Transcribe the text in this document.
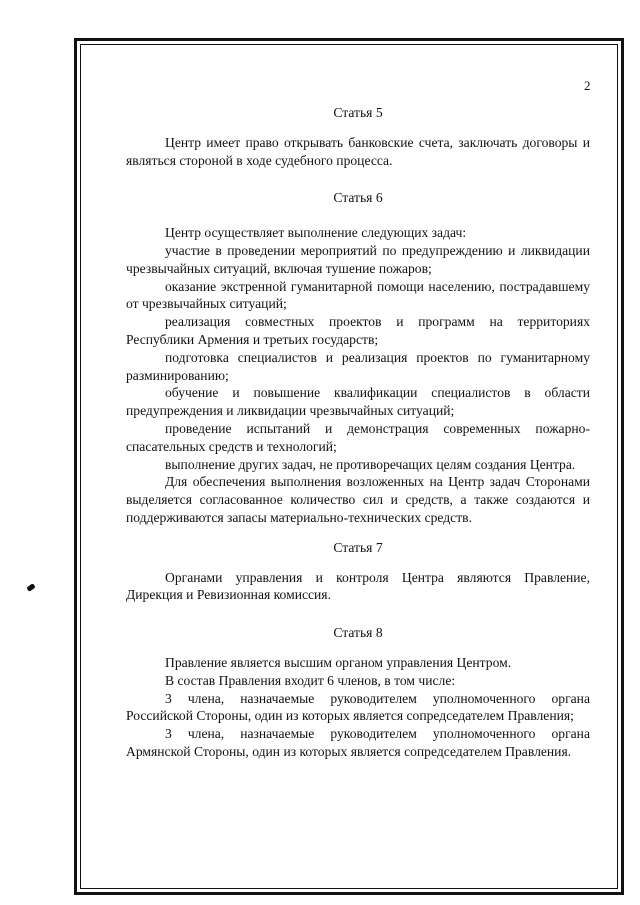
2

Статья 5

Центр имеет право открывать банковские счета, заключать договоры и являться стороной в ходе судебного процесса.

Статья 6

Центр осуществляет выполнение следующих задач:

участие в проведении мероприятий по предупреждению и ликвидации чрезвычайных ситуаций, включая тушение пожаров;

оказание экстренной гуманитарной помощи населению, пострадавшему от чрезвычайных ситуаций;

реализация совместных проектов и программ на территориях Республики Армения и третьих государств;

подготовка специалистов и реализация проектов по гуманитарному разминированию;

обучение и повышение квалификации специалистов в области предупреждения и ликвидации чрезвычайных ситуаций;

проведение испытаний и демонстрация современных пожарно-спасательных средств и технологий;

выполнение других задач, не противоречащих целям создания Центра.

Для обеспечения выполнения возложенных на Центр задач Сторонами выделяется согласованное количество сил и средств, а также создаются и поддерживаются запасы материально-технических средств.

Статья 7

Органами управления и контроля Центра являются Правление, Дирекция и Ревизионная комиссия.

Статья 8

Правление является высшим органом управления Центром.

В состав Правления входит 6 членов, в том числе:

3 члена, назначаемые руководителем уполномоченного органа Российской Стороны, один из которых является сопредседателем Правления;

3 члена, назначаемые руководителем уполномоченного органа Армянской Стороны, один из которых является сопредседателем Правления.
